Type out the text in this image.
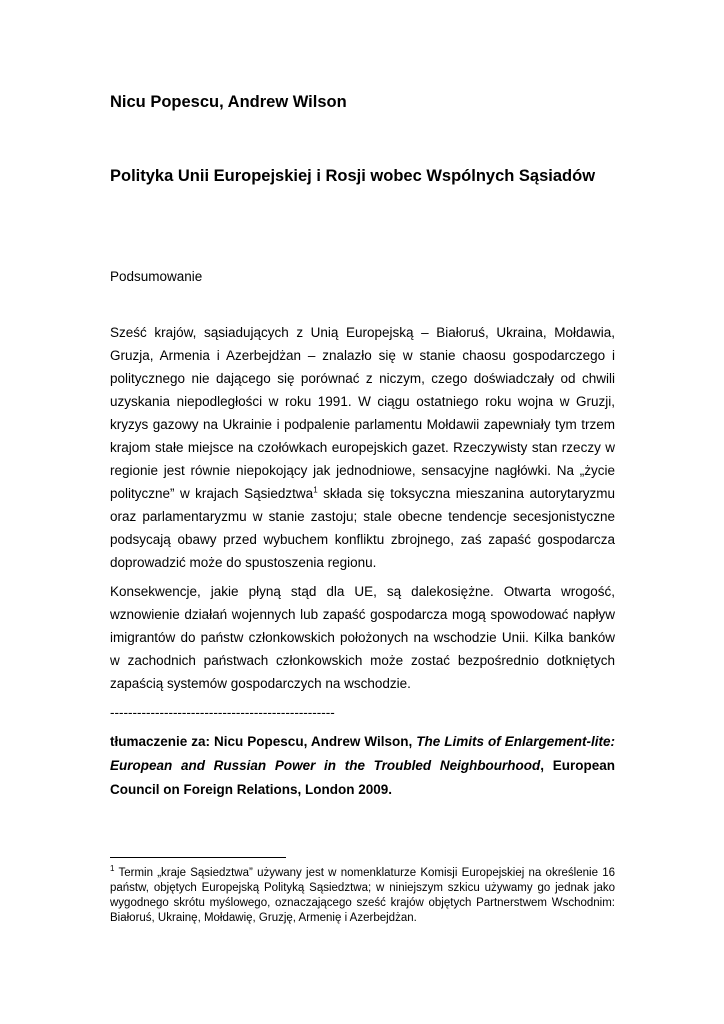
Nicu Popescu, Andrew Wilson
Polityka Unii Europejskiej i Rosji wobec Wspólnych Sąsiadów
Podsumowanie

Sześć krajów, sąsiadujących z Unią Europejską – Białoruś, Ukraina, Mołdawia, Gruzja, Armenia i Azerbejdżan – znalazło się w stanie chaosu gospodarczego i politycznego nie dającego się porównać z niczym, czego doświadczały od chwili uzyskania niepodległości w roku 1991. W ciągu ostatniego roku wojna w Gruzji, kryzys gazowy na Ukrainie i podpalenie parlamentu Mołdawii zapewniały tym trzem krajom stałe miejsce na czołówkach europejskich gazet. Rzeczywisty stan rzeczy w regionie jest równie niepokojący jak jednodniowe, sensacyjne nagłówki. Na „życie polityczne” w krajach Sąsiedztwa$^1$ składa się toksyczna mieszanina autorytaryzmu oraz parlamentaryzmu w stanie zastoju; stale obecne tendencje secesjonistyczne podsycają obawy przed wybuchem konfliktu zbrojnego, zaś zapaść gospodarcza doprowadzić może do spustoszenia regionu.

Konsekwencje, jakie płyną stąd dla UE, są dalekosiężne. Otwarta wrogość, wznowienie działań wojennych lub zapaść gospodarcza mogą spowodować napływ imigrantów do państw członkowskich położonych na wschodzie Unii. Kilka banków w zachodnich państwach członkowskich może zostać bezpośrednio dotkniętych zapaścią systemów gospodarczych na wschodzie.

--------------------------------------------------

tłumaczenie za: Nicu Popescu, Andrew Wilson, The Limits of Enlargement-lite: European and Russian Power in the Troubled Neighbourhood, European Council on Foreign Relations, London 2009.

$^1$ Termin „kraje Sąsiedztwa” używany jest w nomenklaturze Komisji Europejskiej na określenie 16 państw, objętych Europejską Polityką Sąsiedztwa; w niniejszym szkicu używamy go jednak jako wygodnego skrótu myślowego, oznaczającego sześć krajów objętych Partnerstwem Wschodnim: Białoruś, Ukrainę, Mołdawię, Gruzję, Armenię i Azerbejdżan.
